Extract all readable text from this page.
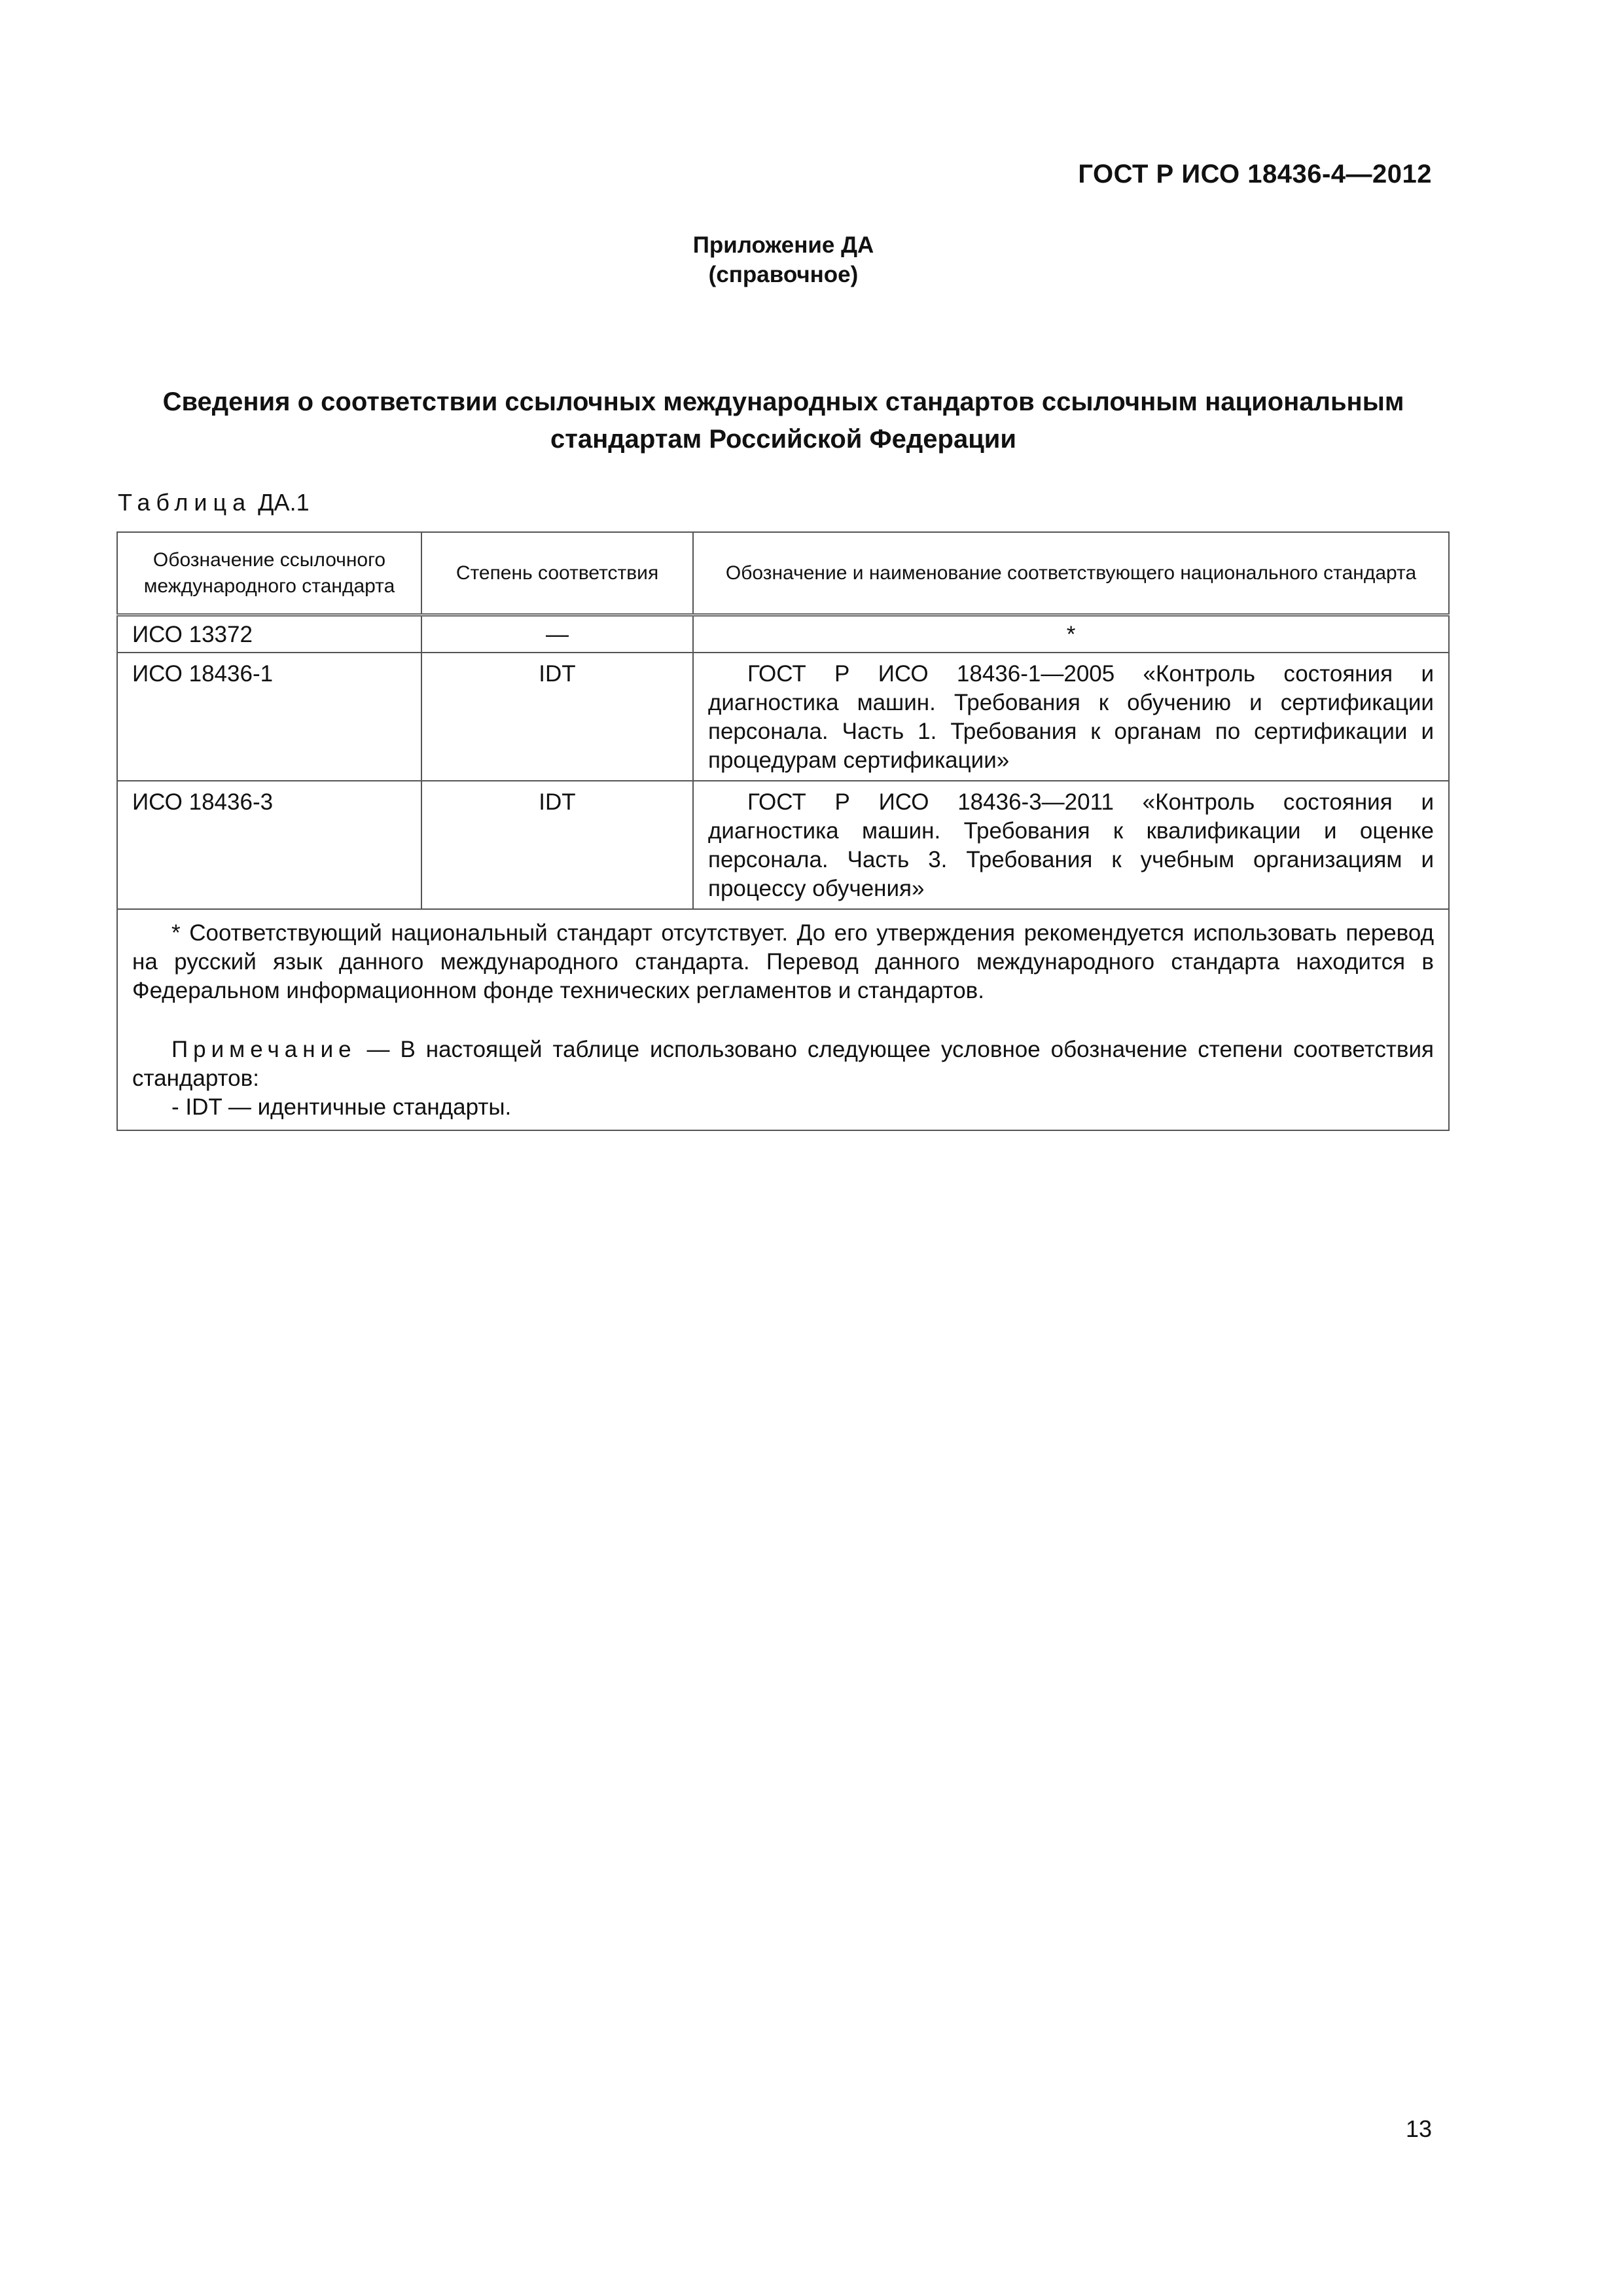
ГОСТ Р ИСО 18436-4—2012
Приложение ДА
(справочное)
Сведения о соответствии ссылочных международных стандартов ссылочным национальным
стандартам Российской Федерации
Таблица ДА.1
Обозначение ссылочного международного стандарта	Степень соответствия	Обозначение и наименование соответствующего национального стандарта
ИСО 13372	—	*
ИСО 18436-1	IDT	ГОСТ Р ИСО 18436-1—2005 «Контроль состояния и диагностика машин. Требования к обучению и сертификации персонала. Часть 1. Требования к органам по сертификации и процедурам сертификации»
ИСО 18436-3	IDT	ГОСТ Р ИСО 18436-3—2011 «Контроль состояния и диагностика машин. Требования к квалификации и оценке персонала. Часть 3. Требования к учебным организациям и процессу обучения»

* Соответствующий национальный стандарт отсутствует. До его утверждения рекомендуется использовать перевод на русский язык данного международного стандарта. Перевод данного международного стандарта находится в Федеральном информационном фонде технических регламентов и стандартов.
Примечание — В настоящей таблице использовано следующее условное обозначение степени соответствия стандартов:
- IDT — идентичные стандарты.		
13
